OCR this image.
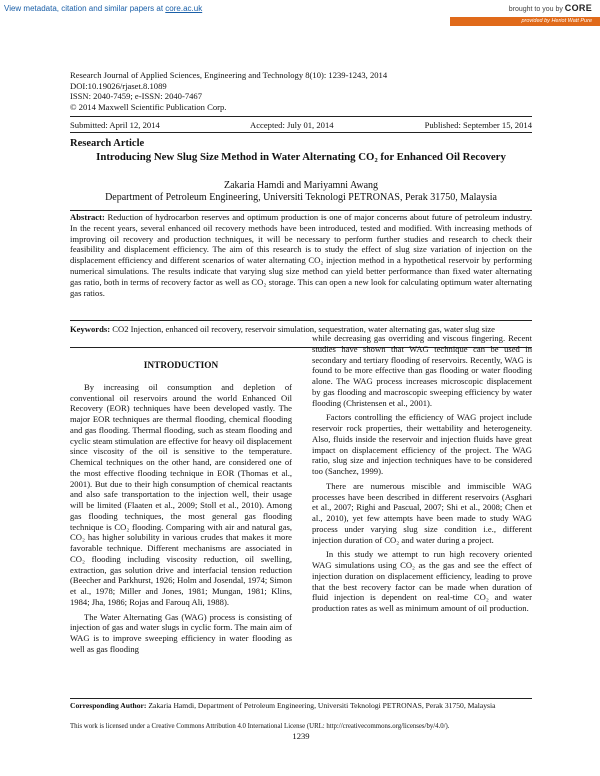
View metadata, citation and similar papers at core.ac.uk	brought to you by CORE
provided by Heriot Watt Pure
Research Journal of Applied Sciences, Engineering and Technology 8(10): 1239-1243, 2014
DOI:10.19026/rjaset.8.1089
ISSN: 2040-7459; e-ISSN: 2040-7467
© 2014 Maxwell Scientific Publication Corp.
Submitted: April 12, 2014	Accepted: July 01, 2014	Published: September 15, 2014
Research Article
Introducing New Slug Size Method in Water Alternating CO₂ for Enhanced Oil Recovery
Zakaria Hamdi and Mariyamni Awang
Department of Petroleum Engineering, Universiti Teknologi PETRONAS, Perak 31750, Malaysia
Abstract: Reduction of hydrocarbon reserves and optimum production is one of major concerns about future of petroleum industry. In the recent years, several enhanced oil recovery methods have been introduced, tested and modified. With increasing methods of improving oil recovery and production techniques, it will be necessary to perform further studies and research to check their feasibility and displacement efficiency. The aim of this research is to study the effect of slug size variation of injection on the displacement efficiency and different scenarios of water alternating CO₂ injection method in a hypothetical reservoir by performing numerical simulations. The results indicate that varying slug size method can yield better performance than fixed water alternating gas ratio, both in terms of recovery factor as well as CO₂ storage. This can open a new look for calculating optimum water alternating gas ratios.
Keywords: CO2 Injection, enhanced oil recovery, reservoir simulation, sequestration, water alternating gas, water slug size
INTRODUCTION

By increasing oil consumption and depletion of conventional oil reservoirs around the world Enhanced Oil Recovery (EOR) techniques have been developed vastly. The major EOR techniques are thermal flooding, chemical flooding and gas flooding. Thermal flooding, such as steam flooding and cyclic steam stimulation are effective for heavy oil displacement since viscosity of the oil is sensitive to the temperature. Chemical techniques on the other hand, are considered one of the most effective flooding technique in EOR (Thomas et al., 2001). But due to their high consumption of chemical reactants and also safe transportation to the injection well, their usage will be limited (Flaaten et al., 2009; Stoll et al., 2010). Among gas flooding techniques, the most general gas flooding technique is CO₂ flooding. Comparing with air and natural gas, CO₂ has higher solubility in various crudes that makes it more favorable technique. Different mechanisms are associated in CO₂ flooding including viscosity reduction, oil swelling, extraction, gas solution drive and interfacial tension reduction (Beecher and Parkhurst, 1926; Holm and Josendal, 1974; Simon et al., 1978; Miller and Jones, 1981; Mungan, 1981; Klins, 1984; Jha, 1986; Rojas and Farouq Ali, 1988).

The Water Alternating Gas (WAG) process is consisting of injection of gas and water slugs in cyclic form. The main aim of WAG is to improve sweeping efficiency in water flooding as well as gas flooding

while decreasing gas overriding and viscous fingering. Recent studies have shown that WAG technique can be used in secondary and tertiary flooding of reservoirs. Recently, WAG is found to be more effective than gas flooding or water flooding alone. The WAG process increases microscopic displacement by gas flooding and macroscopic sweeping efficiency by water flooding (Christensen et al., 2001).

Factors controlling the efficiency of WAG project include reservoir rock properties, their wettability and heterogeneity. Also, fluids inside the reservoir and injection fluids have great impact on displacement efficiency of the project. The WAG ratio, slug size and injection techniques have to be considered too (Sanchez, 1999).

There are numerous miscible and immiscible WAG processes have been described in different reservoirs (Asghari et al., 2007; Righi and Pascual, 2007; Shi et al., 2008; Chen et al., 2010), yet few attempts have been made to study WAG process under varying slug size condition i.e., different injection duration of CO₂ and water during a project.

In this study we attempt to run high recovery oriented WAG simulations using CO₂ as the gas and see the effect of injection duration on displacement efficiency, leading to prove that the best recovery factor can be made when duration of fluid injection is dependent on real-time CO₂ and water production rates as well as minimum amount of oil production.

Corresponding Author: Zakaria Hamdi, Department of Petroleum Engineering, Universiti Teknologi PETRONAS, Perak 31750, Malaysia
This work is licensed under a Creative Commons Attribution 4.0 International License (URL: http://creativecommons.org/licenses/by/4.0/).
1239
